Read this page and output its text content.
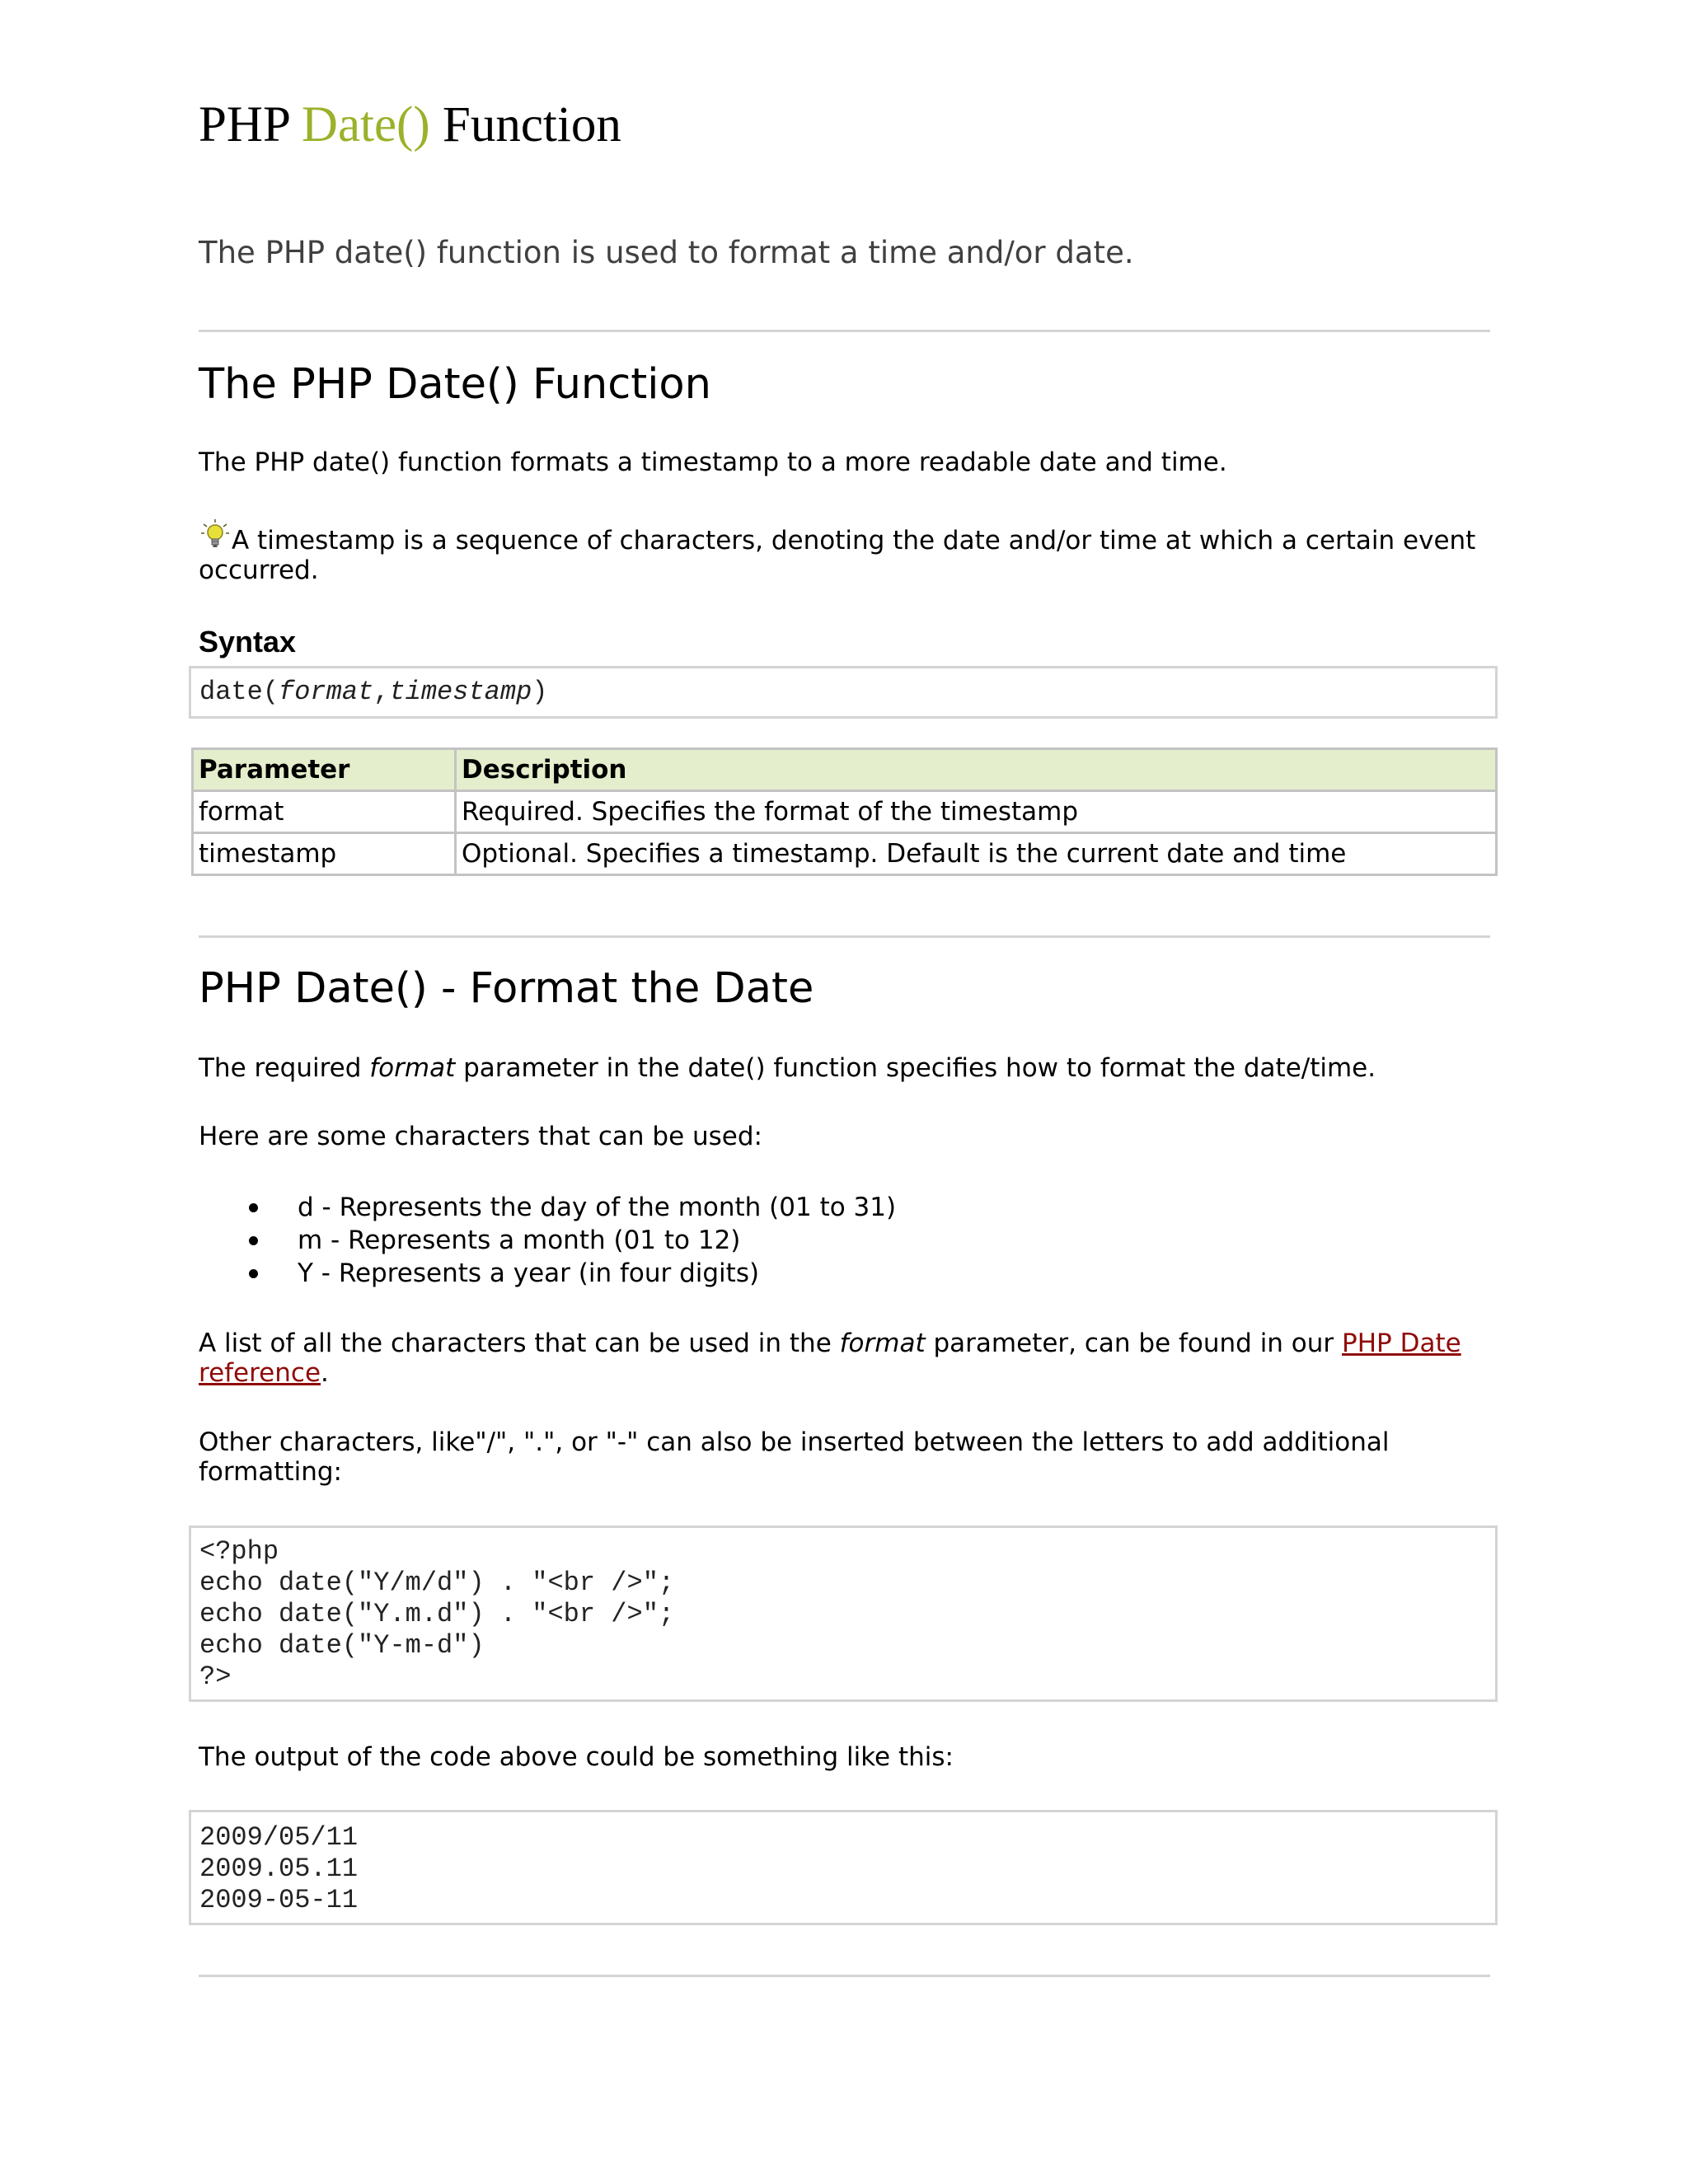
PHP Date() Function

The PHP date() function is used to format a time and/or date.

The PHP Date() Function

The PHP date() function formats a timestamp to a more readable date and time.

A timestamp is a sequence of characters, denoting the date and/or time at which a certain event occurred.

Syntax
date(format,timestamp)
Parameter	Description
format	Required. Specifies the format of the timestamp
timestamp	Optional. Specifies a timestamp. Default is the current date and time
PHP Date() - Format the Date

The required format parameter in the date() function specifies how to format the date/time.

Here are some characters that can be used:

d - Represents the day of the month (01 to 31)
m - Represents a month (01 to 12)
Y - Represents a year (in four digits)

A list of all the characters that can be used in the format parameter, can be found in our PHP Date reference.

Other characters, like"/", ".", or "-" can also be inserted between the letters to add additional formatting:

<?php
echo date("Y/m/d") . "<br />";
echo date("Y.m.d") . "<br />";
echo date("Y-m-d")
?>

The output of the code above could be something like this:

2009/05/11
2009.05.11
2009-05-11
